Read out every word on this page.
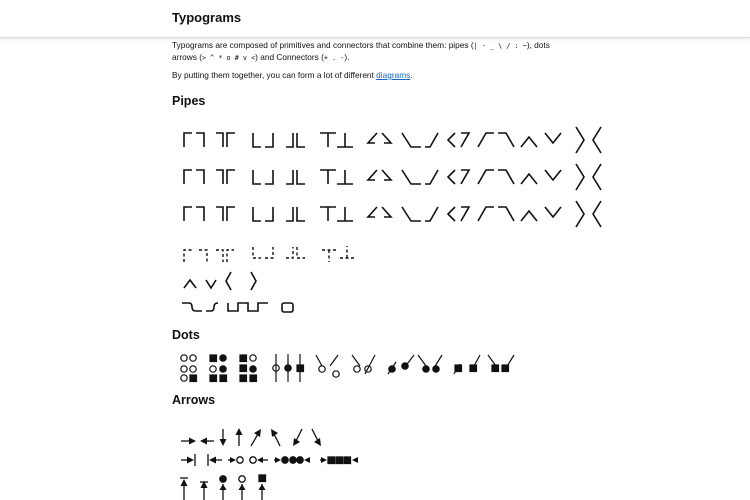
Typograms

Typograms are composed of primitives and connectors that combine them: pipes (| - _ \ / : ~), dots
arrows (> ^ * o # v <) and Connectors (+ . -).

By putting them together, you can form a lot of different diagrams.

Pipes
Dots
Arrows
